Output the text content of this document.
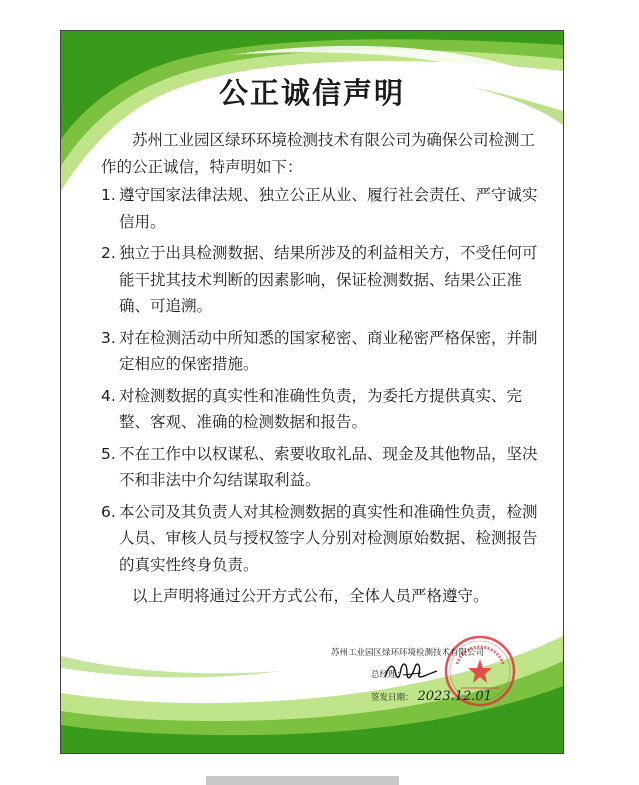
公正诚信声明

苏州工业园区绿环环境检测技术有限公司为确保公司检测工作的公正诚信，特声明如下：

1. 遵守国家法律法规、独立公正从业、履行社会责任、严守诚实信用。
2. 独立于出具检测数据、结果所涉及的利益相关方，不受任何可能干扰其技术判断的因素影响，保证检测数据、结果公正准确、可追溯。
3. 对在检测活动中所知悉的国家秘密、商业秘密严格保密，并制定相应的保密措施。
4. 对检测数据的真实性和准确性负责，为委托方提供真实、完整、客观、准确的检测数据和报告。
5. 不在工作中以权谋私、索要收取礼品、现金及其他物品，坚决不和非法中介勾结谋取利益。
6. 本公司及其负责人对其检测数据的真实性和准确性负责，检测人员、审核人员与授权签字人分别对检测原始数据、检测报告的真实性终身负责。

以上声明将通过公开方式公布，全体人员严格遵守。

苏州工业园区绿环环境检测技术有限公司
总经理：
签发日期： 2023.12.01
